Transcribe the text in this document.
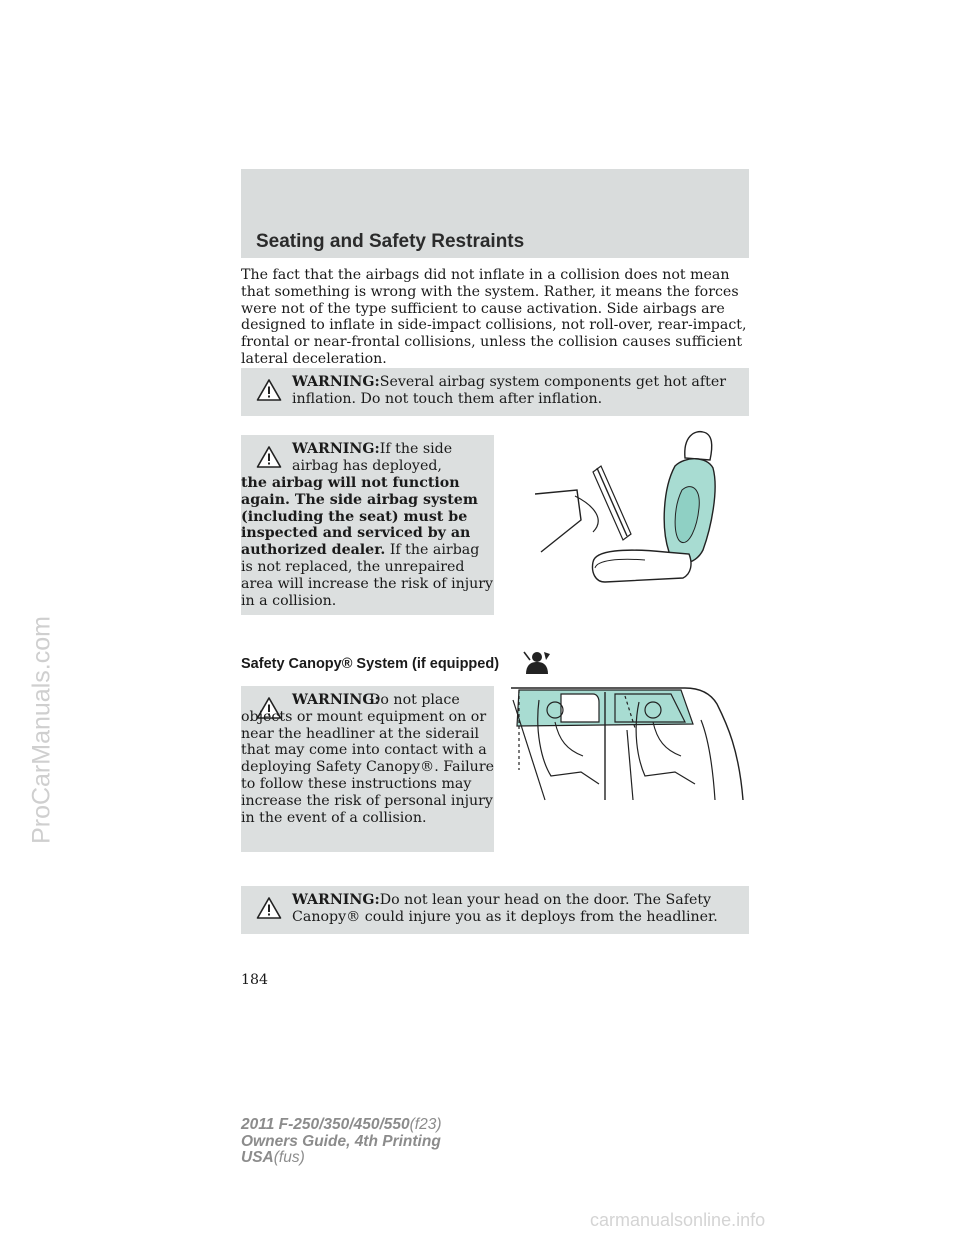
Seating and Safety Restraints
The fact that the airbags did not inflate in a collision does not mean that something is wrong with the system. Rather, it means the forces were not of the type sufficient to cause activation. Side airbags are designed to inflate in side-impact collisions, not roll-over, rear-impact, frontal or near-frontal collisions, unless the collision causes sufficient lateral deceleration.
WARNING:Several airbag system components get hot after inflation. Do not touch them after inflation.
WARNING:If the side airbag has deployed,
the airbag will not function again. The side airbag system (including the seat) must be inspected and serviced by an authorized dealer. If the airbag is not replaced, the unrepaired area will increase the risk of injury in a collision.
Safety Canopy® System (if equipped)
WARNING:
Do not place objects or mount equipment on or near the headliner at the siderail that may come into contact with a deploying Safety Canopy®. Failure to follow these instructions may increase the risk of personal injury in the event of a collision.
WARNING:Do not lean your head on the door. The Safety Canopy® could injure you as it deploys from the headliner.
184
2011 F-250/350/450/550(f23)
Owners Guide, 4th Printing
USA(fus)
ProCarManuals.com
carmanualsonline.info
